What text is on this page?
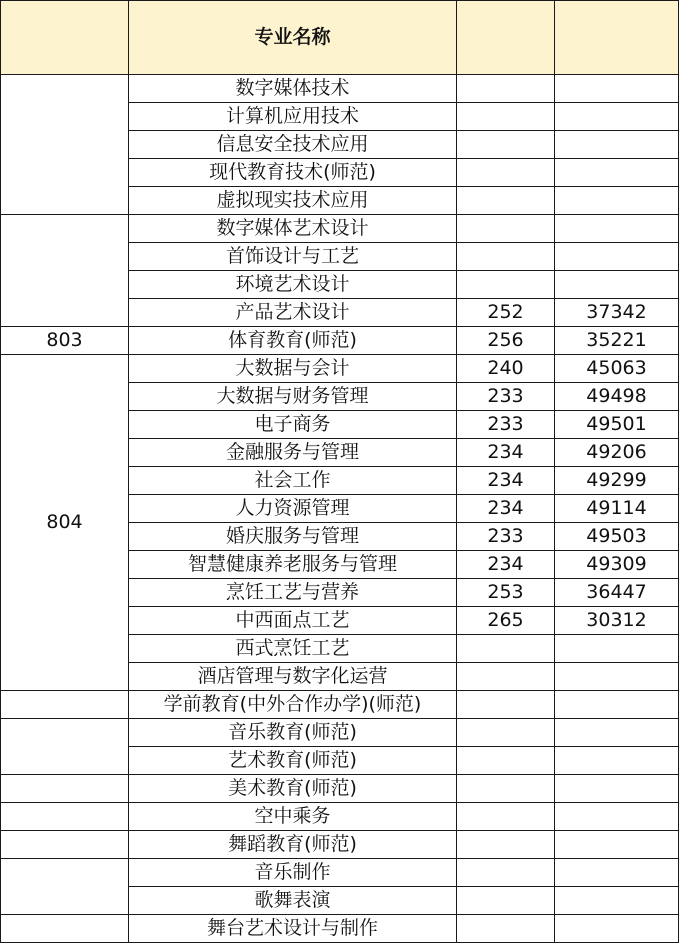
	专业名称		
	数字媒体技术		
	计算机应用技术		
	信息安全技术应用		
	现代教育技术(师范)		
	虚拟现实技术应用		
	数字媒体艺术设计		
	首饰设计与工艺		
	环境艺术设计		
	产品艺术设计	252	37342
803	体育教育(师范)	256	35221
804	大数据与会计	240	45063
	大数据与财务管理	233	49498
	电子商务	233	49501
	金融服务与管理	234	49206
	社会工作	234	49299
	人力资源管理	234	49114
	婚庆服务与管理	233	49503
	智慧健康养老服务与管理	234	49309
	烹饪工艺与营养	253	36447
	中西面点工艺	265	30312
	西式烹饪工艺		
	酒店管理与数字化运营		
	学前教育(中外合作办学)(师范)		
	音乐教育(师范)		
	艺术教育(师范)		
	美术教育(师范)		
	空中乘务		
	舞蹈教育(师范)		
	音乐制作		
	歌舞表演		
	舞台艺术设计与制作		
